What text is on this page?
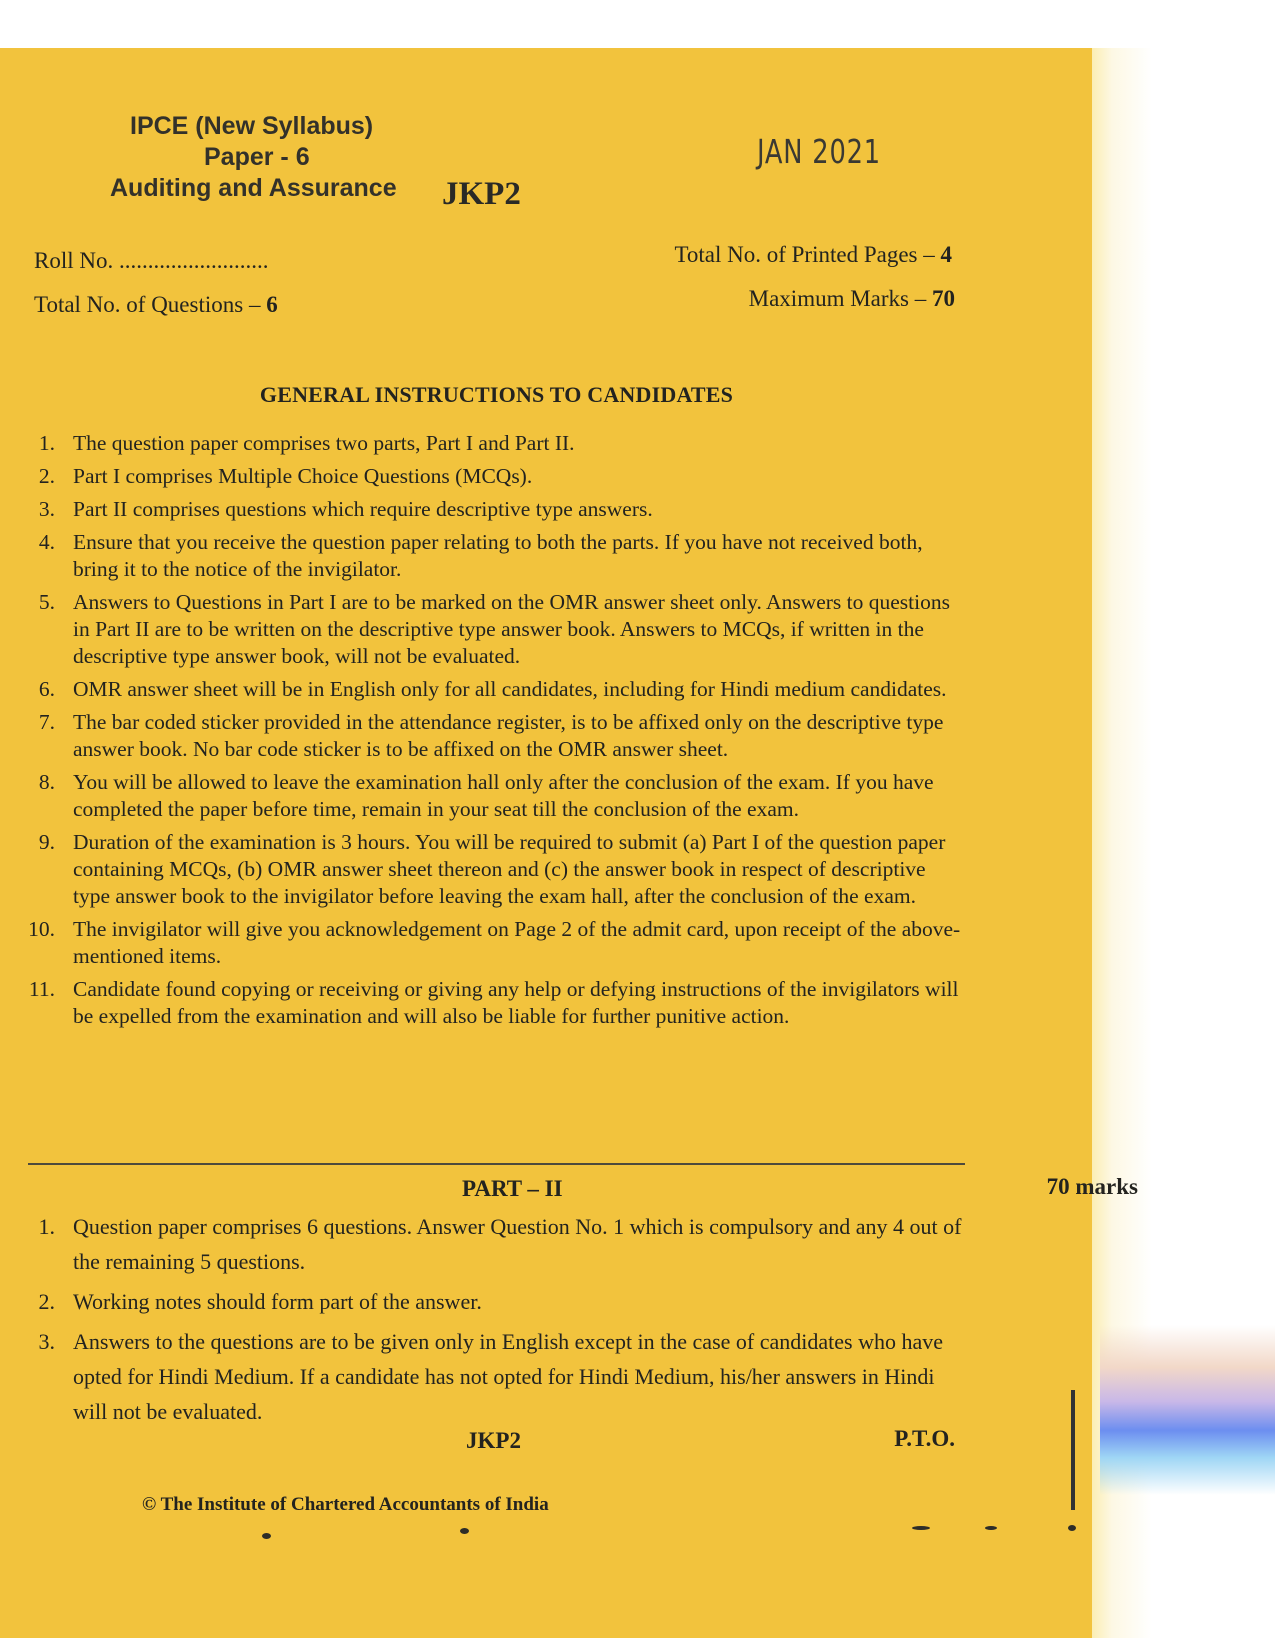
IPCE (New Syllabus)
Paper - 6
Auditing and Assurance JKP2
JAN 2021
Roll No. ..........................
Total No. of Questions – 6
Total No. of Printed Pages – 4
Maximum Marks – 70
GENERAL INSTRUCTIONS TO CANDIDATES
1. The question paper comprises two parts, Part I and Part II.
2. Part I comprises Multiple Choice Questions (MCQs).
3. Part II comprises questions which require descriptive type answers.
4. Ensure that you receive the question paper relating to both the parts. If you have not received both, bring it to the notice of the invigilator.
5. Answers to Questions in Part I are to be marked on the OMR answer sheet only. Answers to questions in Part II are to be written on the descriptive type answer book. Answers to MCQs, if written in the descriptive type answer book, will not be evaluated.
6. OMR answer sheet will be in English only for all candidates, including for Hindi medium candidates.
7. The bar coded sticker provided in the attendance register, is to be affixed only on the descriptive type answer book. No bar code sticker is to be affixed on the OMR answer sheet.
8. You will be allowed to leave the examination hall only after the conclusion of the exam. If you have completed the paper before time, remain in your seat till the conclusion of the exam.
9. Duration of the examination is 3 hours. You will be required to submit (a) Part I of the question paper containing MCQs, (b) OMR answer sheet thereon and (c) the answer book in respect of descriptive type answer book to the invigilator before leaving the exam hall, after the conclusion of the exam.
10. The invigilator will give you acknowledgement on Page 2 of the admit card, upon receipt of the above-mentioned items.
11. Candidate found copying or receiving or giving any help or defying instructions of the invigilators will be expelled from the examination and will also be liable for further punitive action.
PART – II	70 marks
1. Question paper comprises 6 questions. Answer Question No. 1 which is compulsory and any 4 out of the remaining 5 questions.
2. Working notes should form part of the answer.
3. Answers to the questions are to be given only in English except in the case of candidates who have opted for Hindi Medium. If a candidate has not opted for Hindi Medium, his/her answers in Hindi will not be evaluated.
JKP2	P.T.O.
© The Institute of Chartered Accountants of India
